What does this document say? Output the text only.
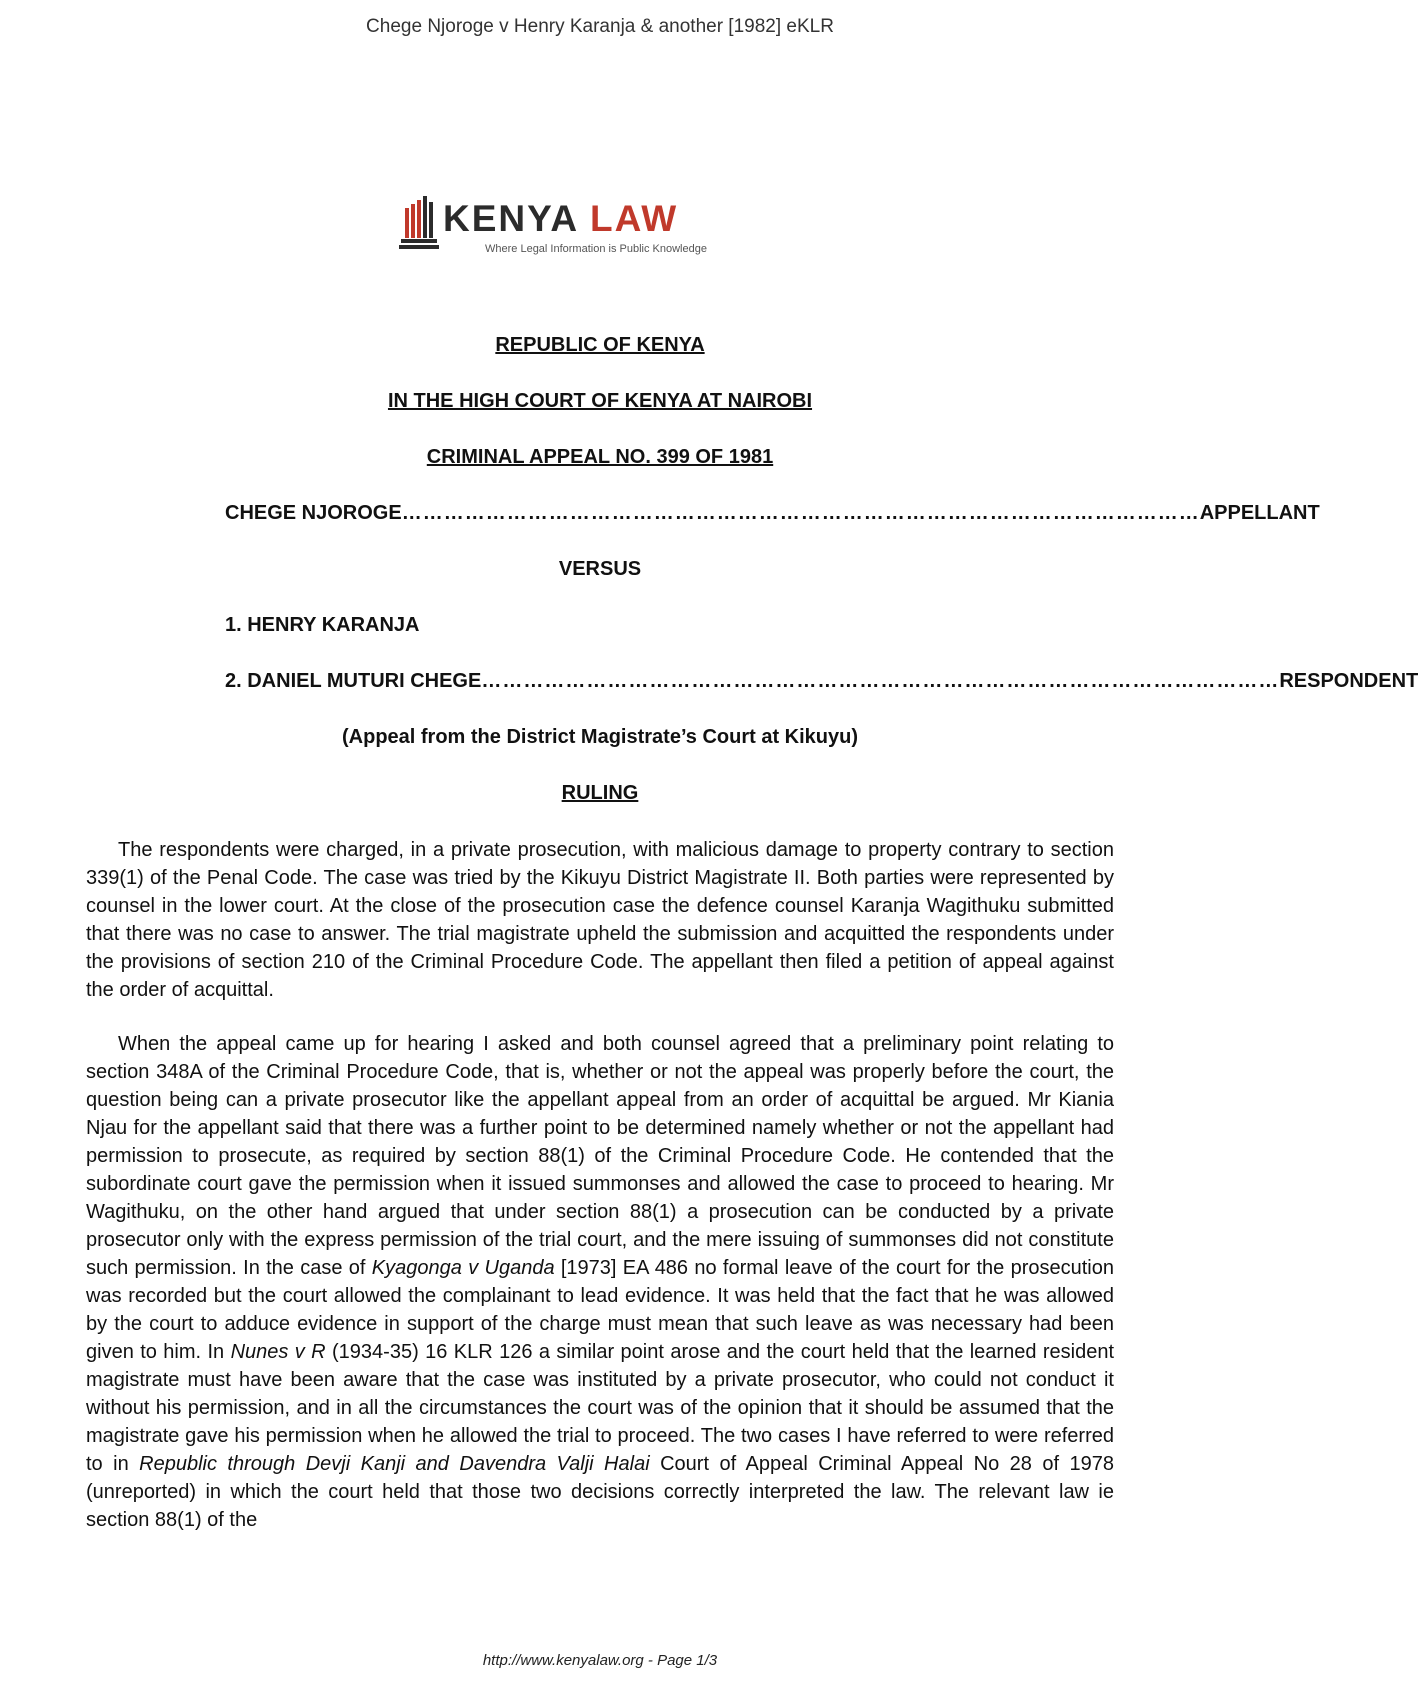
Chege Njoroge v Henry Karanja & another [1982] eKLR
KENYA LAW
Where Legal Information is Public Knowledge
REPUBLIC OF KENYA
IN THE HIGH COURT OF KENYA AT NAIROBI
CRIMINAL APPEAL NO. 399 OF 1981
CHEGE NJOROGE …………………………………………………………………………………………………… APPELLANT
VERSUS
1. HENRY KARANJA
2. DANIEL MUTURI CHEGE …………………………………………………………………………………………………… RESPONDENT
(Appeal from the District Magistrate’s Court at Kikuyu)
RULING

The respondents were charged, in a private prosecution, with malicious damage to property contrary to section 339(1) of the Penal Code. The case was tried by the Kikuyu District Magistrate II. Both parties were represented by counsel in the lower court. At the close of the prosecution case the defence counsel Karanja Wagithuku submitted that there was no case to answer. The trial magistrate upheld the submission and acquitted the respondents under the provisions of section 210 of the Criminal Procedure Code. The appellant then filed a petition of appeal against the order of acquittal.

When the appeal came up for hearing I asked and both counsel agreed that a preliminary point relating to section 348A of the Criminal Procedure Code, that is, whether or not the appeal was properly before the court, the question being can a private prosecutor like the appellant appeal from an order of acquittal be argued. Mr Kiania Njau for the appellant said that there was a further point to be determined namely whether or not the appellant had permission to prosecute, as required by section 88(1) of the Criminal Procedure Code. He contended that the subordinate court gave the permission when it issued summonses and allowed the case to proceed to hearing. Mr Wagithuku, on the other hand argued that under section 88(1) a prosecution can be conducted by a private prosecutor only with the express permission of the trial court, and the mere issuing of summonses did not constitute such permission. In the case of Kyagonga v Uganda [1973] EA 486 no formal leave of the court for the prosecution was recorded but the court allowed the complainant to lead evidence. It was held that the fact that he was allowed by the court to adduce evidence in support of the charge must mean that such leave as was necessary had been given to him. In Nunes v R (1934-35) 16 KLR 126 a similar point arose and the court held that the learned resident magistrate must have been aware that the case was instituted by a private prosecutor, who could not conduct it without his permission, and in all the circumstances the court was of the opinion that it should be assumed that the magistrate gave his permission when he allowed the trial to proceed. The two cases I have referred to were referred to in Republic through Devji Kanji and Davendra Valji Halai Court of Appeal Criminal Appeal No 28 of 1978 (unreported) in which the court held that those two decisions correctly interpreted the law. The relevant law ie section 88(1) of the

http://www.kenyalaw.org - Page 1/3
